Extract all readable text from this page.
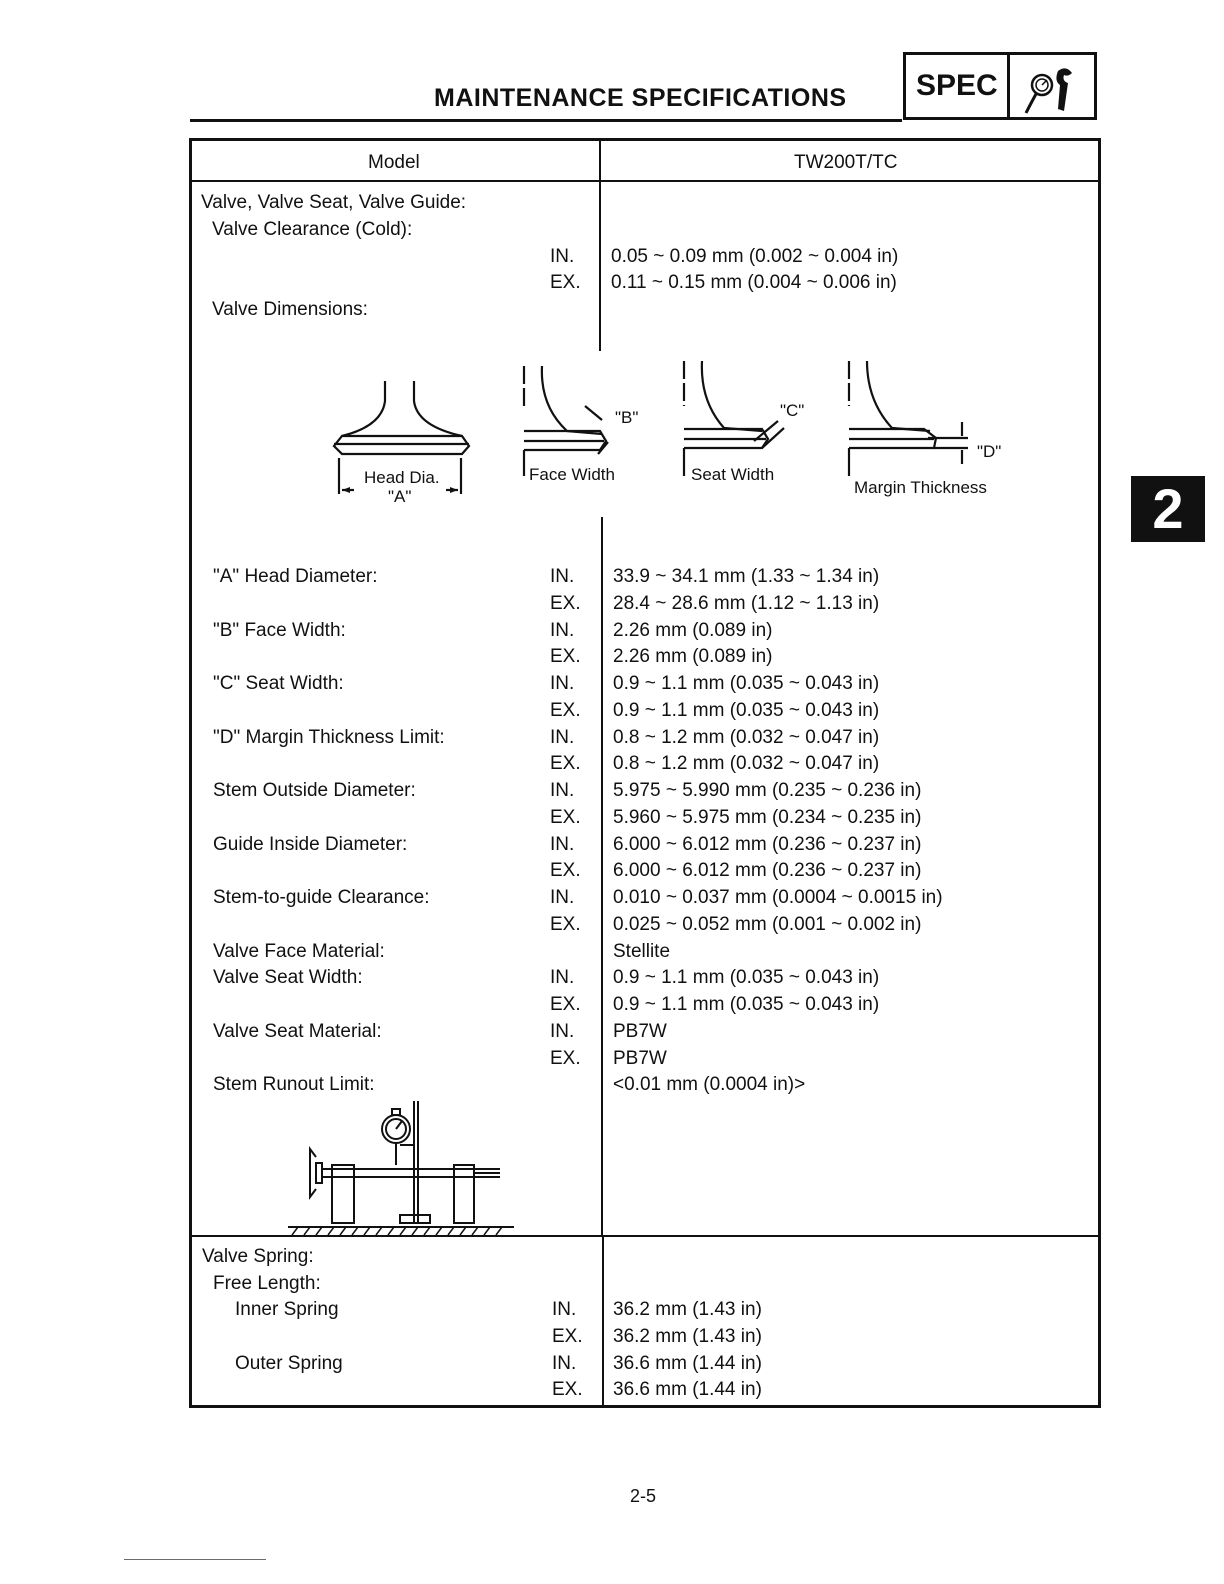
MAINTENANCE SPECIFICATIONS SPEC
2
Model	TW200T/TC
Valve, Valve Seat, Valve Guide:
Valve Clearance (Cold):
IN. 0.05 ~ 0.09 mm (0.002 ~ 0.004 in)
EX. 0.11 ~ 0.15 mm (0.004 ~ 0.006 in)
Valve Dimensions:
Head Dia.
"A"
"B"	"C"
"D"
Face Width	Seat Width
Margin Thickness
"A" Head Diameter:	IN. 33.9 ~ 34.1 mm (1.33 ~ 1.34 in)
EX. 28.4 ~ 28.6 mm (1.12 ~ 1.13 in)
"B" Face Width:	IN. 2.26 mm (0.089 in)
EX. 2.26 mm (0.089 in)
"C" Seat Width:	IN. 0.9 ~ 1.1 mm (0.035 ~ 0.043 in)
EX. 0.9 ~ 1.1 mm (0.035 ~ 0.043 in)
"D" Margin Thickness Limit:	IN. 0.8 ~ 1.2 mm (0.032 ~ 0.047 in)
EX. 0.8 ~ 1.2 mm (0.032 ~ 0.047 in)
Stem Outside Diameter:	IN. 5.975 ~ 5.990 mm (0.235 ~ 0.236 in)
EX. 5.960 ~ 5.975 mm (0.234 ~ 0.235 in)
Guide Inside Diameter:	IN. 6.000 ~ 6.012 mm (0.236 ~ 0.237 in)
EX. 6.000 ~ 6.012 mm (0.236 ~ 0.237 in)
Stem-to-guide Clearance:	IN. 0.010 ~ 0.037 mm (0.0004 ~ 0.0015 in)
EX. 0.025 ~ 0.052 mm (0.001 ~ 0.002 in)
Valve Face Material:	Stellite
Valve Seat Width:	IN. 0.9 ~ 1.1 mm (0.035 ~ 0.043 in)
EX. 0.9 ~ 1.1 mm (0.035 ~ 0.043 in)
Valve Seat Material:	IN. PB7W
EX. PB7W
Stem Runout Limit:	<0.01 mm (0.0004 in)>
Valve Spring:
Free Length:
Inner Spring	IN. 36.2 mm (1.43 in)
EX. 36.2 mm (1.43 in)
Outer Spring	IN. 36.6 mm (1.44 in)
EX. 36.6 mm (1.44 in)
2-5
